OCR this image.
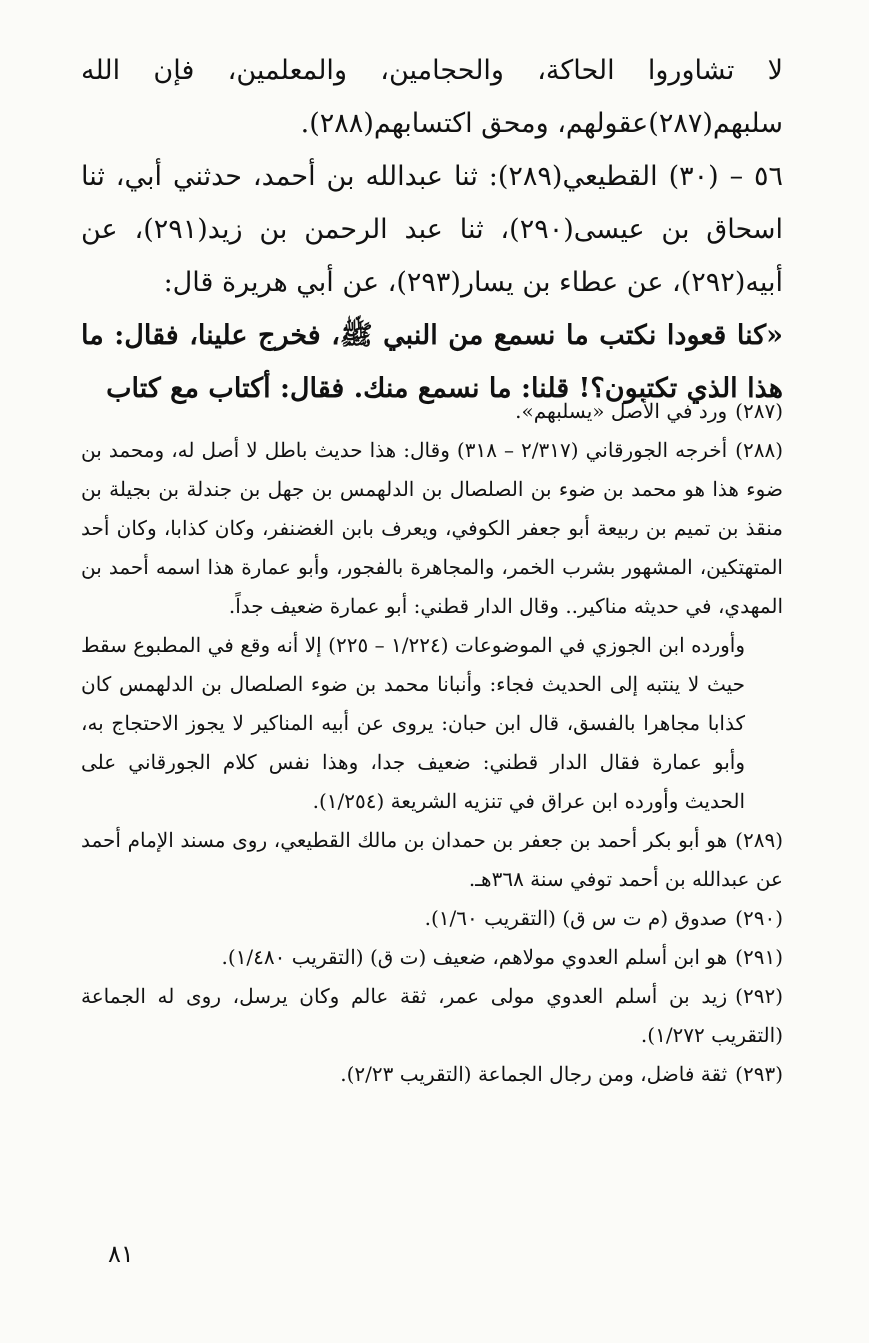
لا تشاوروا الحاكة، والحجامين، والمعلمين، فإن الله سلبهم(٢٨٧)عقولهم، ومحق اكتسابهم(٢٨٨).

٥٦ – (٣٠) القطيعي(٢٨٩): ثنا عبدالله بن أحمد، حدثني أبي، ثنا اسحاق بن عيسى(٢٩٠)، ثنا عبد الرحمن بن زيد(٢٩١)، عن أبيه(٢٩٢)، عن عطاء بن يسار(٢٩٣)، عن أبي هريرة قال:

«كنا قعودا نكتب ما نسمع من النبي ﷺ، فخرج علينا، فقال: ما هذا الذي تكتبون؟! قلنا: ما نسمع منك. فقال: أكتاب مع كتاب

(٢٨٧)ورد في الأصل «يسلبهم».

(٢٨٨)أخرجه الجورقاني (٢/٣١٧ – ٣١٨) وقال: هذا حديث باطل لا أصل له، ومحمد بن ضوء هذا هو محمد بن ضوء بن الصلصال بن الدلهمس بن جهل بن جندلة بن بجيلة بن منقذ بن تميم بن ربيعة أبو جعفر الكوفي، ويعرف بابن الغضنفر، وكان كذابا، وكان أحد المتهتكين، المشهور بشرب الخمر، والمجاهرة بالفجور، وأبو عمارة هذا اسمه أحمد بن المهدي، في حديثه مناكير.. وقال الدار قطني: أبو عمارة ضعيف جداً.

وأورده ابن الجوزي في الموضوعات (١/٢٢٤ – ٢٢٥) إلا أنه وقع في المطبوع سقط حيث لا ينتبه إلى الحديث فجاء: وأنبانا محمد بن ضوء الصلصال بن الدلهمس كان كذابا مجاهرا بالفسق، قال ابن حبان: يروى عن أبيه المناكير لا يجوز الاحتجاج به، وأبو عمارة فقال الدار قطني: ضعيف جدا، وهذا نفس كلام الجورقاني على الحديث وأورده ابن عراق في تنزيه الشريعة (١/٢٥٤).

(٢٨٩)هو أبو بكر أحمد بن جعفر بن حمدان بن مالك القطيعي، روى مسند الإمام أحمد عن عبدالله بن أحمد توفي سنة ٣٦٨هـ.

(٢٩٠)صدوق (م ت س ق) (التقريب ١/٦٠).

(٢٩١)هو ابن أسلم العدوي مولاهم، ضعيف (ت ق) (التقريب ١/٤٨٠).

(٢٩٢)زيد بن أسلم العدوي مولى عمر، ثقة عالم وكان يرسل، روى له الجماعة (التقريب ١/٢٧٢).

(٢٩٣)ثقة فاضل، ومن رجال الجماعة (التقريب ٢/٢٣).

٨١
